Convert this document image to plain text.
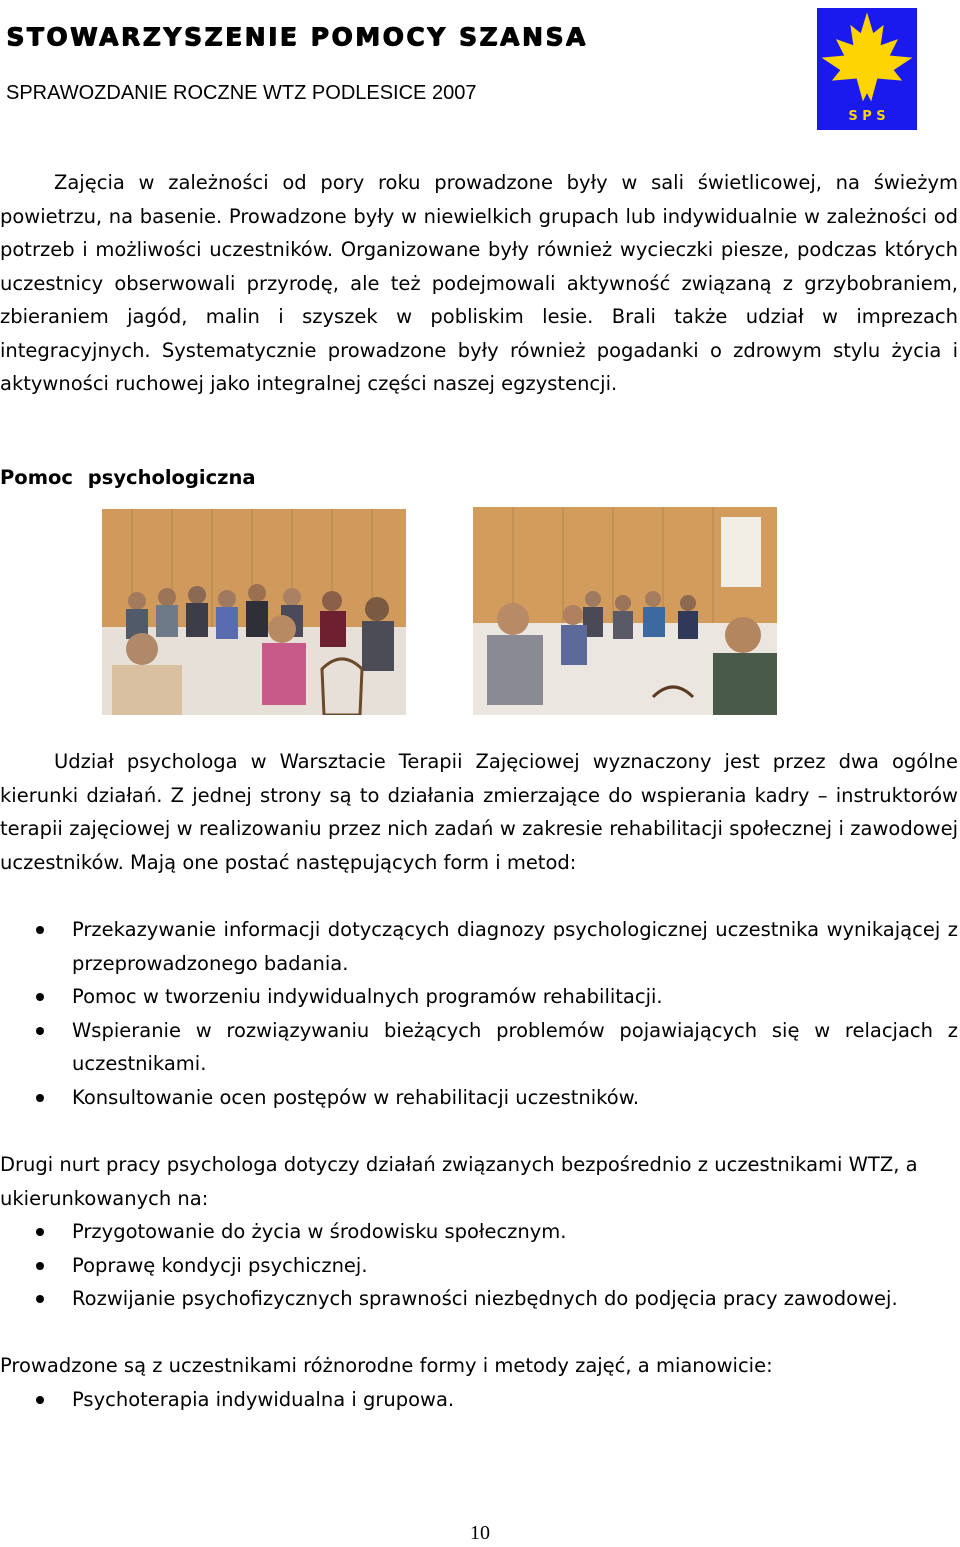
STOWARZYSZENIE POMOCY SZANSA
SPRAWOZDANIE ROCZNE WTZ PODLESICE 2007
S P S

Zajęcia w zależności od pory roku prowadzone były w sali świetlicowej, na świeżym powietrzu, na basenie. Prowadzone były w niewielkich grupach lub indywidualnie w zależności od potrzeb i możliwości uczestników. Organizowane były również wycieczki piesze, podczas których uczestnicy obserwowali przyrodę, ale też podejmowali aktywność związaną z grzybobraniem, zbieraniem jagód, malin i szyszek w pobliskim lesie. Brali także udział w imprezach integracyjnych. Systematycznie prowadzone były również pogadanki o zdrowym stylu życia i aktywności ruchowej jako integralnej części naszej egzystencji.

Pomoc psychologiczna

Udział psychologa w Warsztacie Terapii Zajęciowej wyznaczony jest przez dwa ogólne kierunki działań. Z jednej strony są to działania zmierzające do wspierania kadry – instruktorów terapii zajęciowej w realizowaniu przez nich zadań w zakresie rehabilitacji społecznej i zawodowej uczestników. Mają one postać następujących form i metod:

Przekazywanie informacji dotyczących diagnozy psychologicznej uczestnika wynikającej z przeprowadzonego badania.
Pomoc w tworzeniu indywidualnych programów rehabilitacji.
Wspieranie w rozwiązywaniu bieżących problemów pojawiających się w relacjach z uczestnikami.
Konsultowanie ocen postępów w rehabilitacji uczestników.

Drugi nurt pracy psychologa dotyczy działań związanych bezpośrednio z uczestnikami WTZ, a ukierunkowanych na:

Przygotowanie do życia w środowisku społecznym.
Poprawę kondycji psychicznej.
Rozwijanie psychofizycznych sprawności niezbędnych do podjęcia pracy zawodowej.

Prowadzone są z uczestnikami różnorodne formy i metody zajęć, a mianowicie:

Psychoterapia indywidualna i grupowa.
10
